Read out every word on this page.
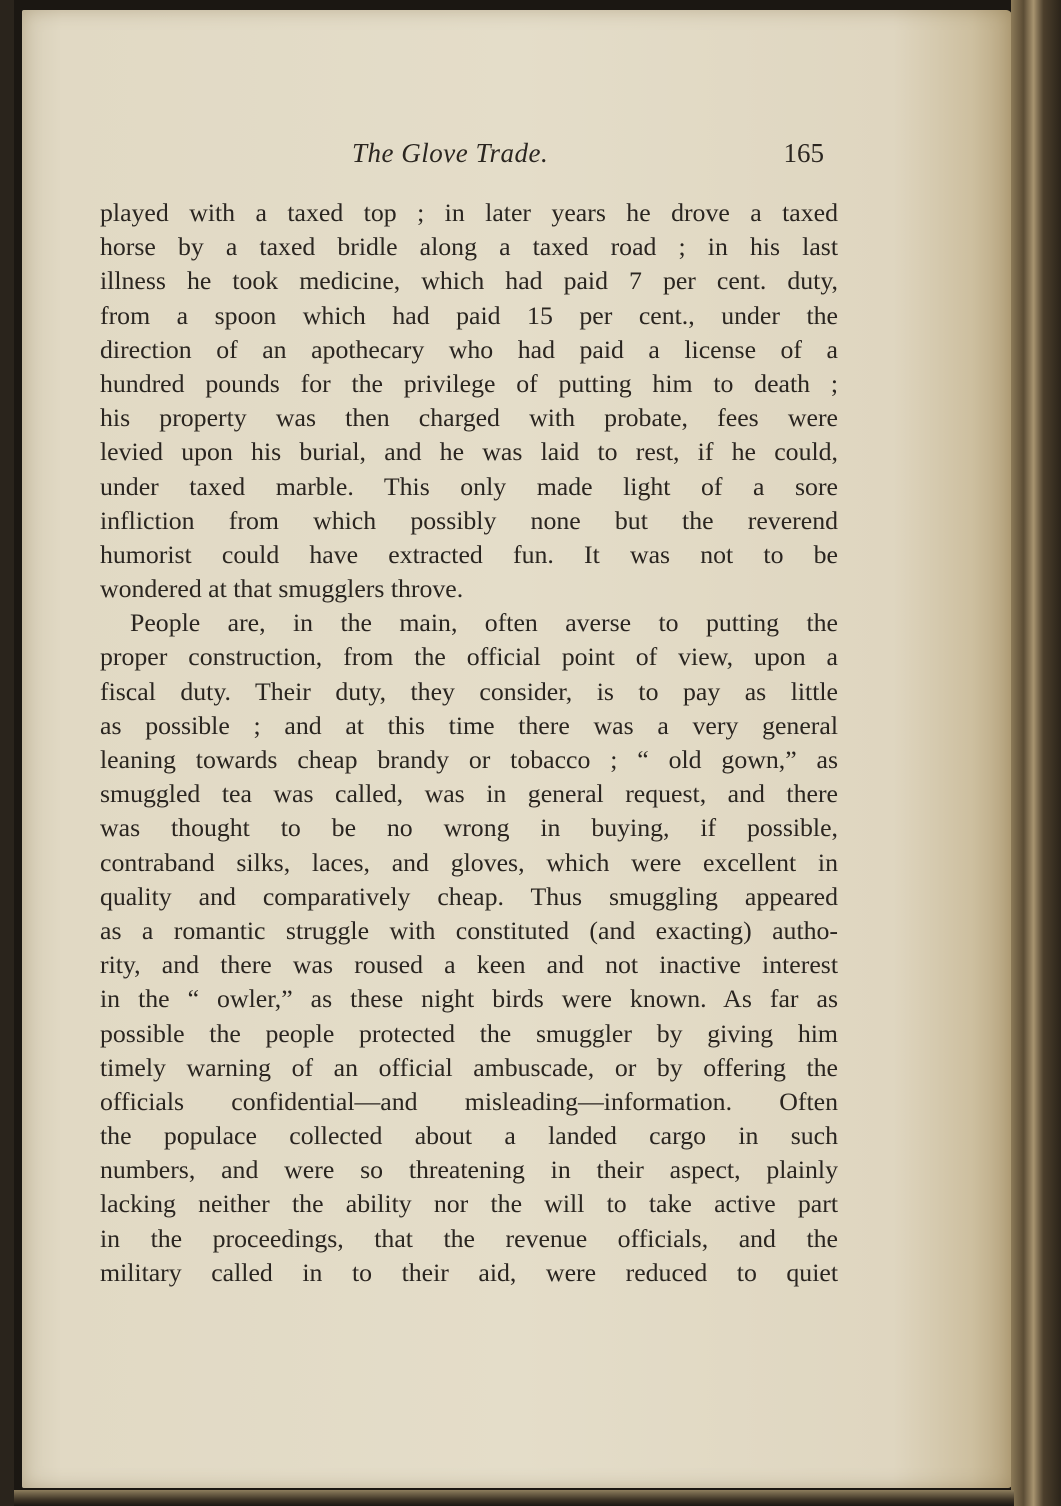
The Glove Trade.	165
played with a taxed top ; in later years he drove a taxed
horse by a taxed bridle along a taxed road ; in his last
illness he took medicine, which had paid 7 per cent. duty,
from a spoon which had paid 15 per cent., under the
direction of an apothecary who had paid a license of a
hundred pounds for the privilege of putting him to death ;
his property was then charged with probate, fees were
levied upon his burial, and he was laid to rest, if he could,
under taxed marble. This only made light of a sore
infliction from which possibly none but the reverend
humorist could have extracted fun. It was not to be
wondered at that smugglers throve.
People are, in the main, often averse to putting the
proper construction, from the official point of view, upon a
fiscal duty. Their duty, they consider, is to pay as little
as possible ; and at this time there was a very general
leaning towards cheap brandy or tobacco ; “ old gown,” as
smuggled tea was called, was in general request, and there
was thought to be no wrong in buying, if possible,
contraband silks, laces, and gloves, which were excellent in
quality and comparatively cheap. Thus smuggling appeared
as a romantic struggle with constituted (and exacting) autho-
rity, and there was roused a keen and not inactive interest
in the “ owler,” as these night birds were known. As far as
possible the people protected the smuggler by giving him
timely warning of an official ambuscade, or by offering the
officials confidential—and misleading—information. Often
the populace collected about a landed cargo in such
numbers, and were so threatening in their aspect, plainly
lacking neither the ability nor the will to take active part
in the proceedings, that the revenue officials, and the
military called in to their aid, were reduced to quiet
